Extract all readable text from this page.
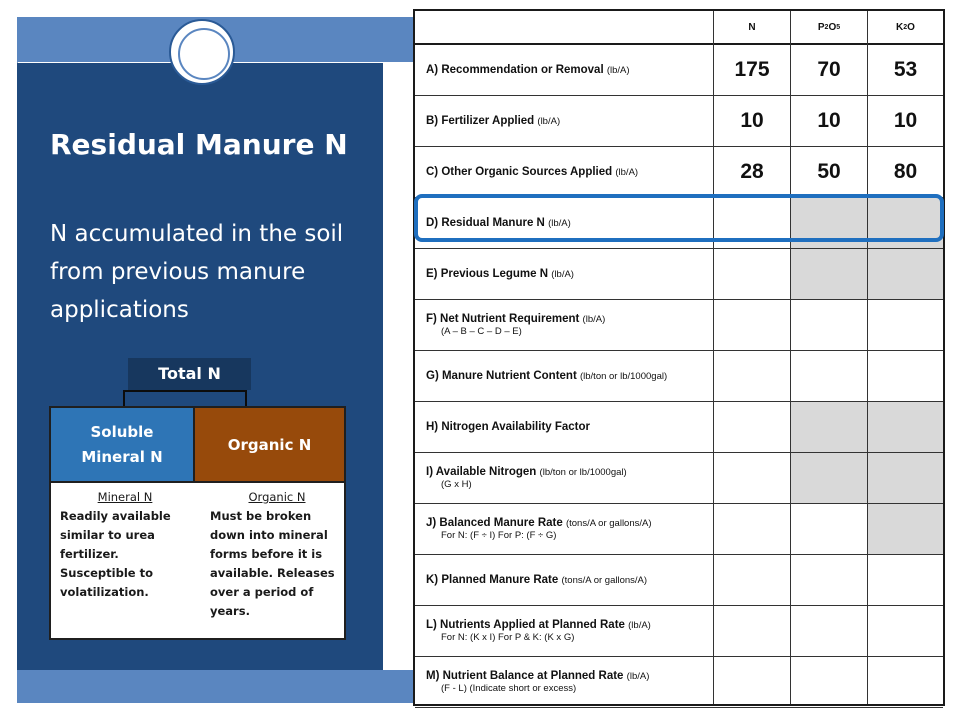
Residual Manure N

N accumulated in the soil from previous manure applications

Total N
Soluble Mineral N
Organic N
Mineral N
Readily available similar to urea fertilizer. Susceptible to volatilization.
Organic N
Must be broken down into mineral forms before it is available. Releases over a period of years.
N	P 2 O 5	K 2 O
A) Recommendation or Removal (lb/A)	175	70	53
B) Fertilizer Applied (lb/A)	10	10	10
C) Other Organic Sources Applied (lb/A)	28	50	80
D) Residual Manure N (lb/A)
E) Previous Legume N (lb/A)
F) Net Nutrient Requirement (lb/A)
(A – B – C – D – E)
G) Manure Nutrient Content (lb/ton or lb/1000gal)
H) Nitrogen Availability Factor
I) Available Nitrogen (lb/ton or lb/1000gal)
(G x H)
J) Balanced Manure Rate (tons/A or gallons/A)
For N: (F ÷ I) For P: (F ÷ G)
K) Planned Manure Rate (tons/A or gallons/A)
L) Nutrients Applied at Planned Rate (lb/A)
For N: (K x I) For P & K: (K x G)
M) Nutrient Balance at Planned Rate (lb/A)
(F - L) (Indicate short or excess)
